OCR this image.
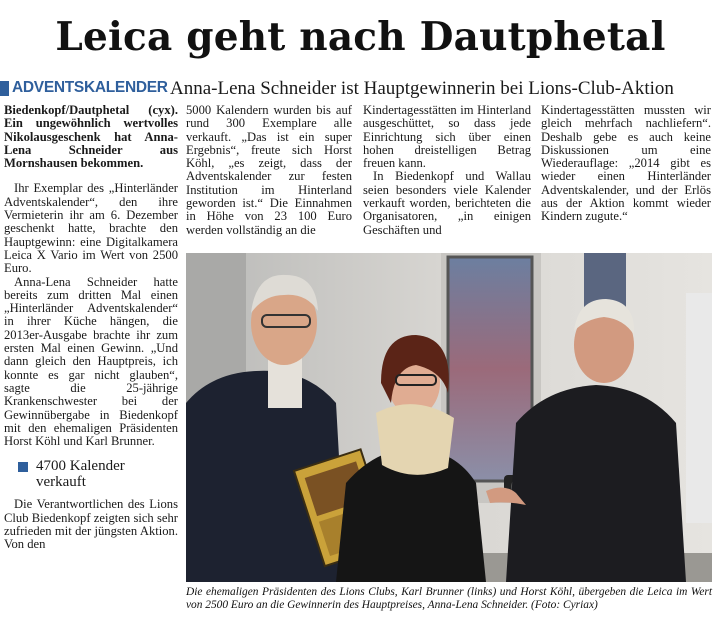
Leica geht nach Dautphetal
ADVENTSKALENDER Anna-Lena Schneider ist Hauptgewinnerin bei Lions-Club-Aktion

Biedenkopf/Dautphetal (cyx). Ein ungewöhnlich wertvolles Nikolausgeschenk hat Anna-Lena Schneider aus Mornshausen bekommen.

Ihr Exemplar des „Hinterländer Adventskalender“, den ihre Vermieterin ihr am 6. Dezember geschenkt hatte, brachte den Hauptgewinn: eine Digitalkamera Leica X Vario im Wert von 2500 Euro.

Anna-Lena Schneider hatte bereits zum dritten Mal einen „Hinterländer Adventskalender“ in ihrer Küche hängen, die 2013er-Ausgabe brachte ihr zum ersten Mal einen Gewinn. „Und dann gleich den Hauptpreis, ich konnte es gar nicht glauben“, sagte die 25-jährige Krankenschwester bei der Gewinnübergabe in Biedenkopf mit den ehemaligen Präsidenten Horst Köhl und Karl Brunner.

4700 Kalender verkauft

Die Verantwortlichen des Lions Club Biedenkopf zeigten sich sehr zufrieden mit der jüngsten Aktion. Von den

5000 Kalendern wurden bis auf rund 300 Exemplare alle verkauft. „Das ist ein super Ergebnis“, freute sich Horst Köhl, „es zeigt, dass der Adventskalender zur festen Institution im Hinterland geworden ist.“ Die Einnahmen in Höhe von 23 100 Euro werden vollständig an die

Kindertagesstätten im Hinterland ausgeschüttet, so dass jede Einrichtung sich über einen hohen dreistelligen Betrag freuen kann.

In Biedenkopf und Wallau seien besonders viele Kalender verkauft worden, berichteten die Organisatoren, „in einigen Geschäften und

Kindertagesstätten mussten wir gleich mehrfach nachliefern“. Deshalb gebe es auch keine Diskussionen um eine Wiederauflage: „2014 gibt es wieder einen Hinterländer Adventskalender, und der Erlös aus der Aktion kommt wieder Kindern zugute.“

Die ehemaligen Präsidenten des Lions Clubs, Karl Brunner (links) und Horst Köhl, übergeben die Leica im Wert von 2500 Euro an die Gewinnerin des Hauptpreises, Anna-Lena Schneider. (Foto: Cyriax)
